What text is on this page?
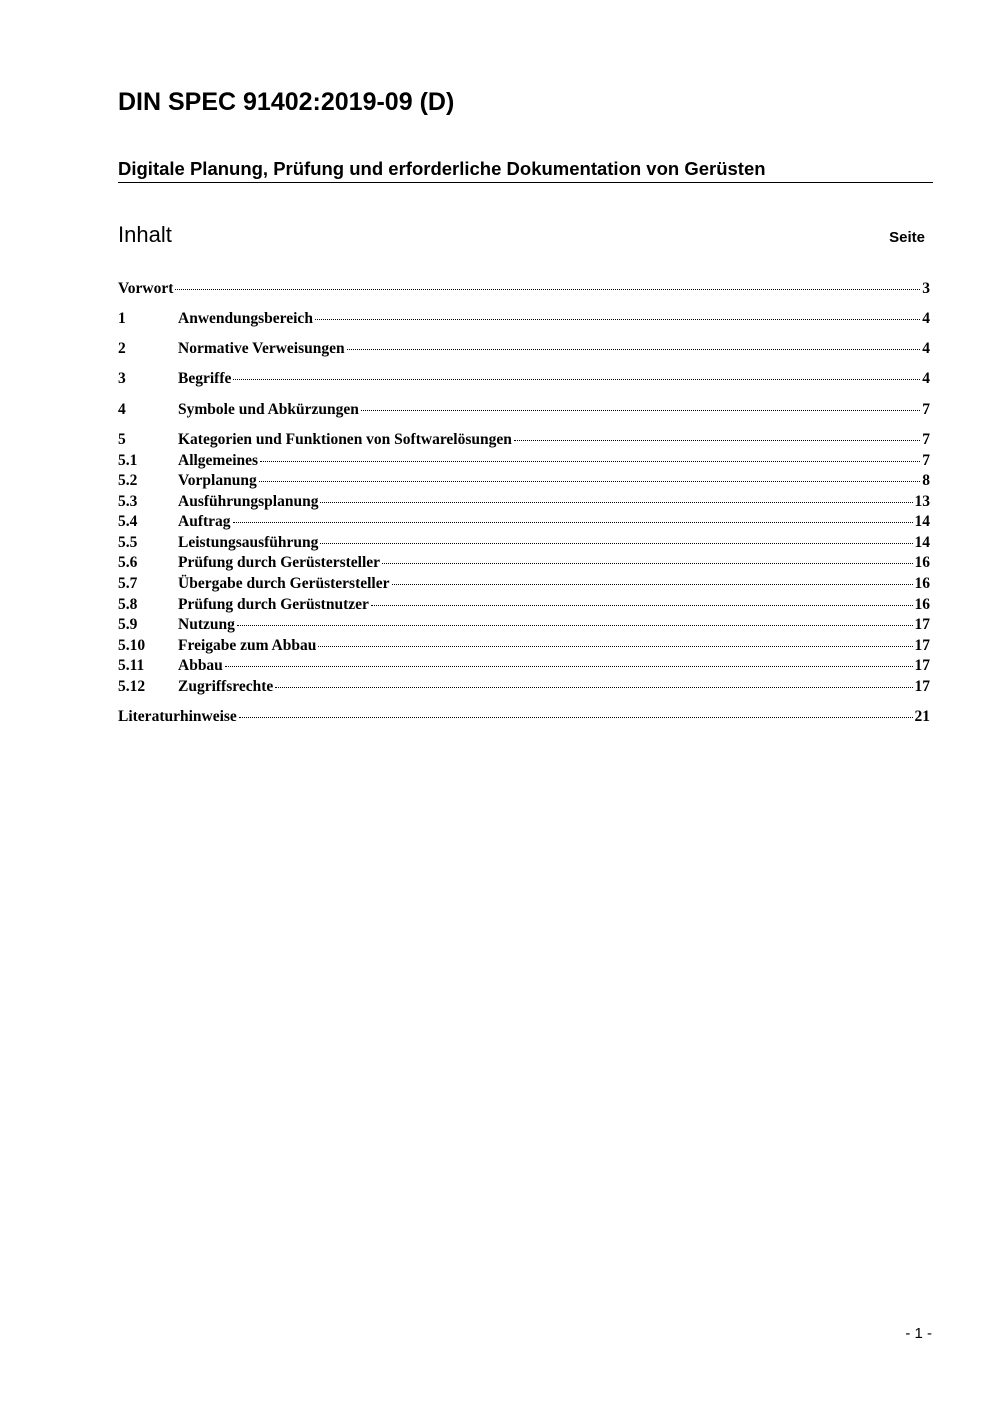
DIN SPEC 91402:2019-09 (D)
Digitale Planung, Prüfung und erforderliche Dokumentation von Gerüsten
Inhalt	Seite
Vorwort	3
1	Anwendungsbereich	4
2	Normative Verweisungen	4
3	Begriffe	4
4	Symbole und Abkürzungen	7
5	Kategorien und Funktionen von Softwarelösungen	7
5.1	Allgemeines	7
5.2	Vorplanung	8
5.3	Ausführungsplanung	13
5.4	Auftrag	14
5.5	Leistungsausführung	14
5.6	Prüfung durch Gerüstersteller	16
5.7	Übergabe durch Gerüstersteller	16
5.8	Prüfung durch Gerüstnutzer	16
5.9	Nutzung	17
5.10	Freigabe zum Abbau	17
5.11	Abbau	17
5.12	Zugriffsrechte	17
Literaturhinweise	21
- 1 -
